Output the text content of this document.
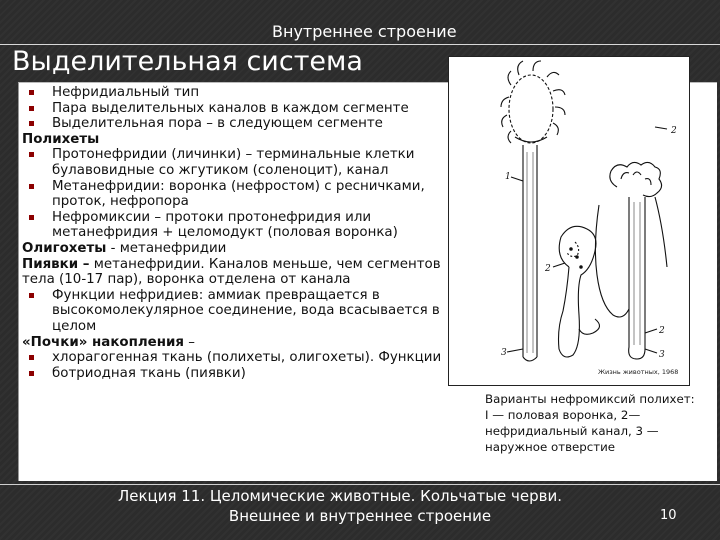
Внутреннее строение
Выделительная система

Нефридиальный тип

Пара выделительных каналов в каждом сегменте

Выделительная пора – в следующем сегменте

Полихеты

Протонефридии (личинки) – терминальные клетки булавовидные со жгутиком (соленоцит), канал

Метанефридии: воронка (нефростом) с ресничками, проток, нефропора

Нефромиксии – протоки протонефридия или метанефридия + целомодукт (половая воронка)

Олигохеты - метанефридии

Пиявки – метанефридии. Каналов меньше, чем сегментов тела (10-17 пар), воронка отделена от канала

Функции нефридиев: аммиак превращается в высокомолекулярное соединение, вода всасывается в целом

«Почки» накопления –

хлорагогенная ткань (полихеты, олигохеты). Функции

ботриодная ткань (пиявки)

1
2
2
2
3	3
Жизнь животных, 1968
Варианты нефромиксий полихет: I — половая воронка, 2—нефридиальный канал, 3 — наружное отверстие
Лекция 11. Целомические животные. Кольчатые черви.
Внешнее и внутреннее строение	10
